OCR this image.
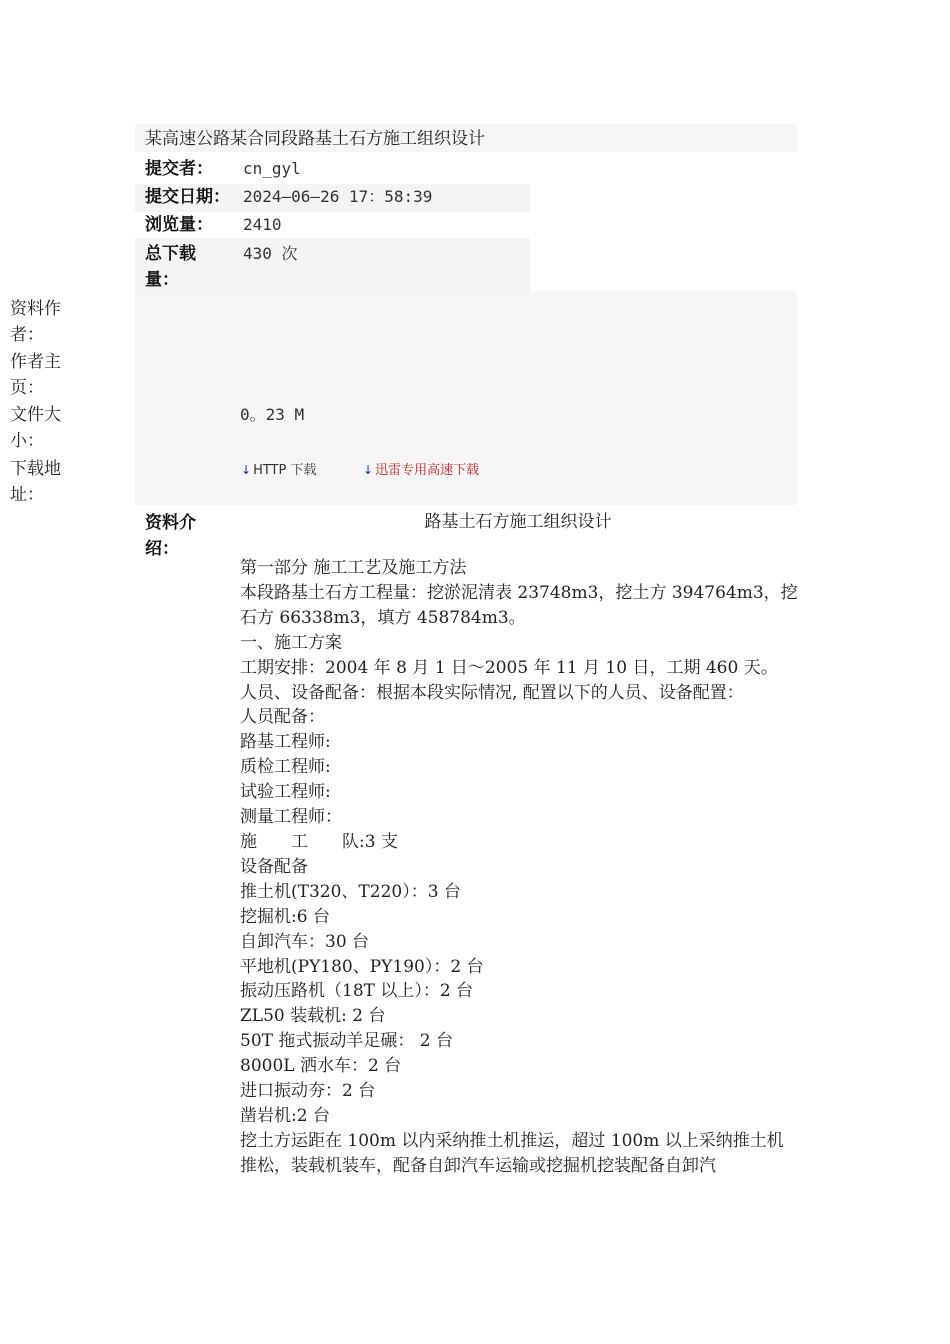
某高速公路某合同段路基土石方施工组织设计
提交者： cn_gyl
提交日期： 2024—06—26 17：58:39
浏览量： 2410
总下载量：
430 次
资料作者：
作者主页：
文件大小：
0。23 M
下载地址：
↓ HTTP 下载	↓ 迅雷专用高速下载
资料介绍：
路基土石方施工组织设计

第一部分 施工工艺及施工方法

本段路基土石方工程量：挖淤泥清表 23748m3，挖土方 394764m3，挖石方 66338m3，填方 458784m3。

一、施工方案

工期安排：2004 年 8 月 1 日～2005 年 11 月 10 日，工期 460 天。

人员、设备配备：根据本段实际情况, 配置以下的人员、设备配置：

人员配备：

路基工程师:

质检工程师:

试验工程师:

测量工程师：

施　　工　　队:3 支

设备配备

推土机(T320、T220）：3 台

挖掘机:6 台

自卸汽车：30 台

平地机(PY180、PY190）：2 台

振动压路机（18T 以上）：2 台

ZL50 装载机: 2 台

50T 拖式振动羊足碾： 2 台

8000L 洒水车：2 台

进口振动夯：2 台

凿岩机:2 台

挖土方运距在 100m 以内采纳推土机推运，超过 100m 以上采纳推土机推松，装载机装车，配备自卸汽车运输或挖掘机挖装配备自卸汽
